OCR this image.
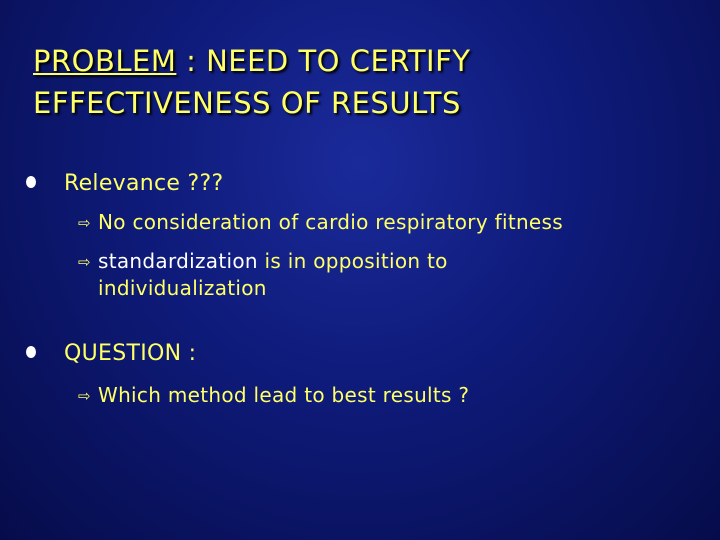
PROBLEM : NEED TO CERTIFY
EFFECTIVENESS OF RESULTS
Relevance ???
⇨ No consideration of cardio respiratory fitness
⇨ standardization is in opposition to
individualization
QUESTION :
⇨ Which method lead to best results ?
